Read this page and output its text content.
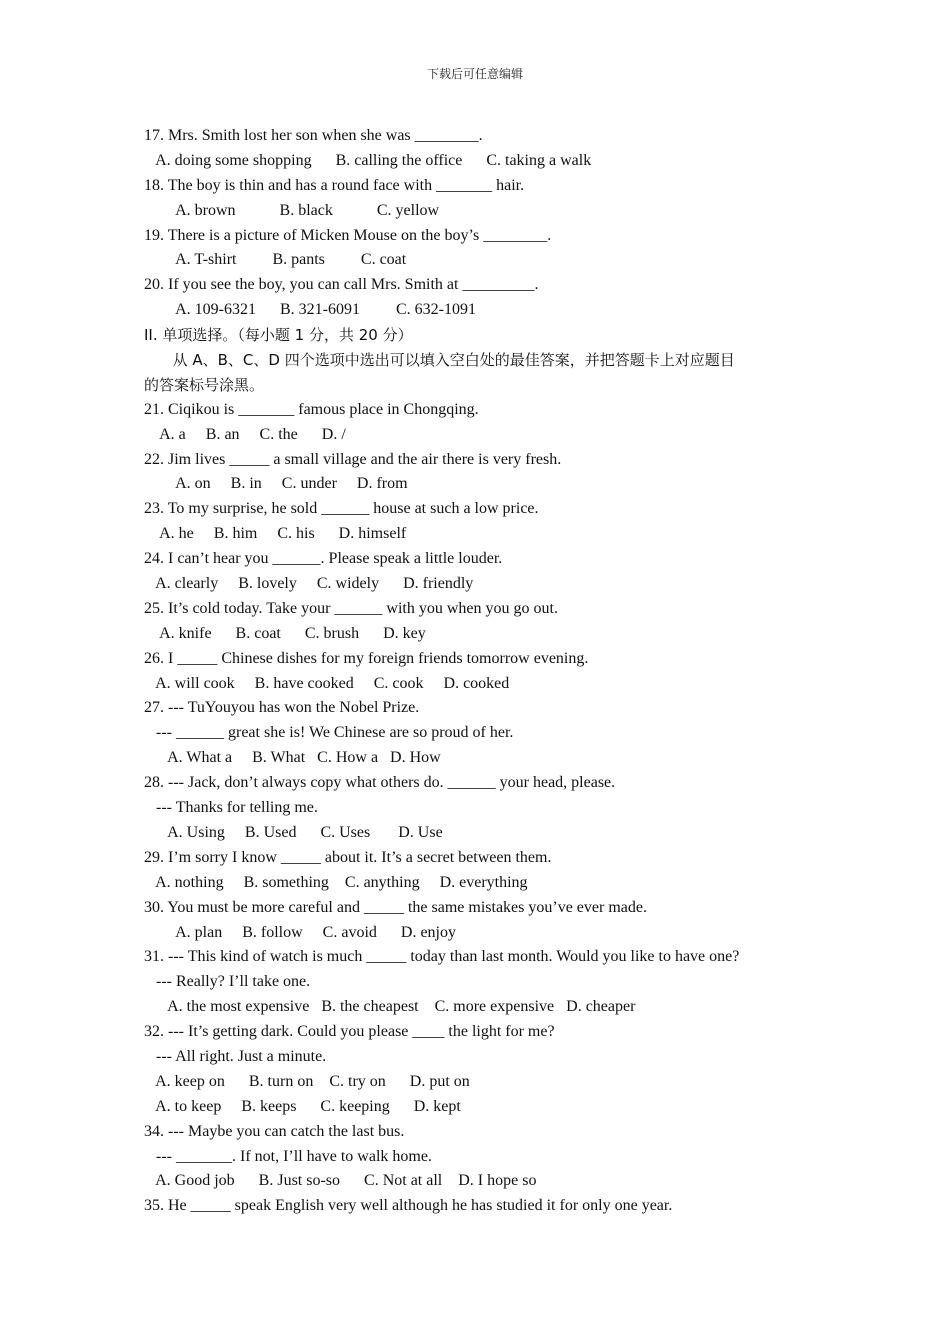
下载后可任意编辑
17. Mrs. Smith lost her son when she was ________.
A. doing some shopping      B. calling the office      C. taking a walk
18. The boy is thin and has a round face with _______ hair.
A. brown           B. black           C. yellow
19. There is a picture of Micken Mouse on the boy’s ________.
A. T-shirt         B. pants         C. coat
20. If you see the boy, you can call Mrs. Smith at _________.
A. 109-6321      B. 321-6091         C. 632-1091
II. 单项选择。（每小题 1 分，共 20 分）
从 A、B、C、D 四个选项中选出可以填入空白处的最佳答案，并把答题卡上对应题目
的答案标号涂黑。
21. Ciqikou is _______ famous place in Chongqing.
A. a     B. an     C. the      D. /
22. Jim lives _____ a small village and the air there is very fresh.
A. on     B. in     C. under     D. from
23. To my surprise, he sold ______ house at such a low price.
A. he     B. him     C. his      D. himself
24. I can’t hear you ______. Please speak a little louder.
A. clearly     B. lovely     C. widely      D. friendly
25. It’s cold today. Take your ______ with you when you go out.
A. knife      B. coat      C. brush      D. key
26. I _____ Chinese dishes for my foreign friends tomorrow evening.
A. will cook     B. have cooked     C. cook     D. cooked
27. --- TuYouyou has won the Nobel Prize.
--- ______ great she is! We Chinese are so proud of her.
A. What a     B. What   C. How a   D. How
28. --- Jack, don’t always copy what others do. ______ your head, please.
--- Thanks for telling me.
A. Using     B. Used      C. Uses       D. Use
29. I’m sorry I know _____ about it. It’s a secret between them.
A. nothing     B. something    C. anything     D. everything
30. You must be more careful and _____ the same mistakes you’ve ever made.
A. plan     B. follow     C. avoid      D. enjoy
31. --- This kind of watch is much _____ today than last month. Would you like to have one?
--- Really? I’ll take one.
A. the most expensive   B. the cheapest    C. more expensive   D. cheaper
32. --- It’s getting dark. Could you please ____ the light for me?
--- All right. Just a minute.
A. keep on      B. turn on    C. try on      D. put on
A. to keep     B. keeps      C. keeping      D. kept
34. --- Maybe you can catch the last bus.
--- _______. If not, I’ll have to walk home.
A. Good job      B. Just so-so      C. Not at all    D. I hope so
35. He _____ speak English very well although he has studied it for only one year.
